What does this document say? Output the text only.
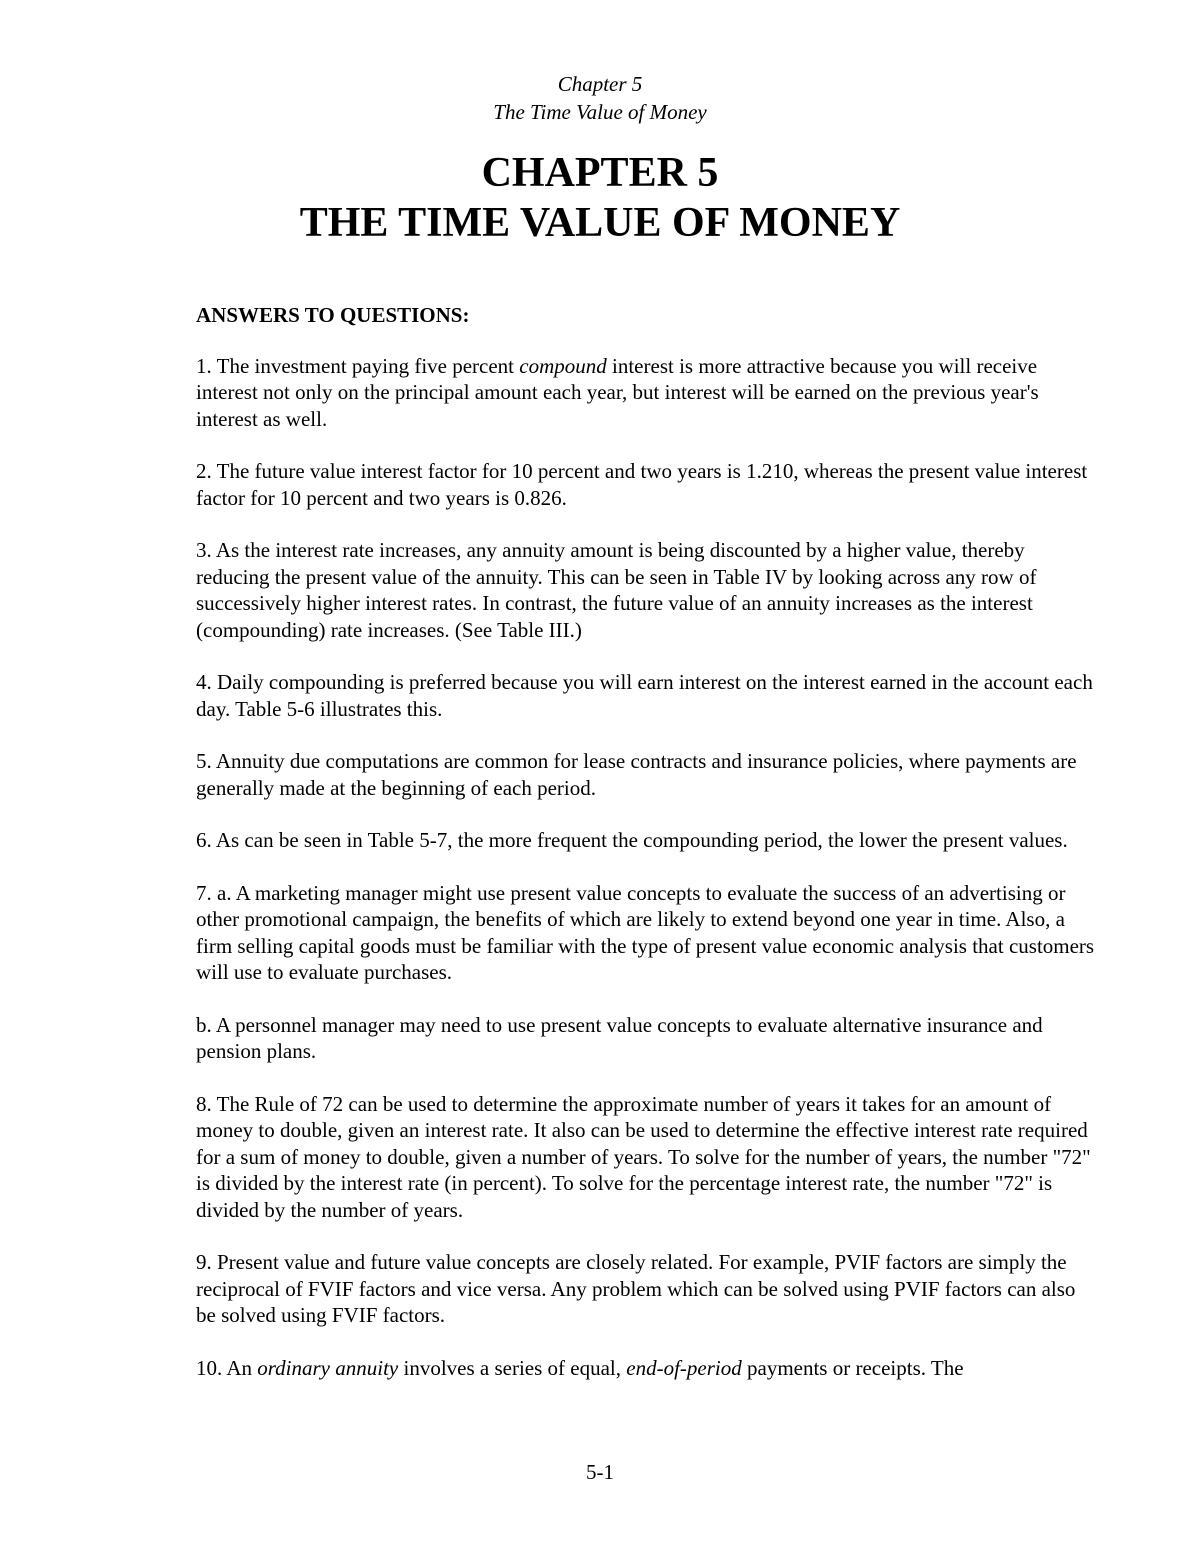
Chapter 5
The Time Value of Money
CHAPTER 5
THE TIME VALUE OF MONEY
ANSWERS TO QUESTIONS:

1. The investment paying five percent compound interest is more attractive because you will receive interest not only on the principal amount each year, but interest will be earned on the previous year's interest as well.

2. The future value interest factor for 10 percent and two years is 1.210, whereas the present value interest factor for 10 percent and two years is 0.826.

3. As the interest rate increases, any annuity amount is being discounted by a higher value, thereby reducing the present value of the annuity. This can be seen in Table IV by looking across any row of successively higher interest rates. In contrast, the future value of an annuity increases as the interest (compounding) rate increases. (See Table III.)

4. Daily compounding is preferred because you will earn interest on the interest earned in the account each day. Table 5-6 illustrates this.

5. Annuity due computations are common for lease contracts and insurance policies, where payments are generally made at the beginning of each period.

6. As can be seen in Table 5-7, the more frequent the compounding period, the lower the present values.

7. a. A marketing manager might use present value concepts to evaluate the success of an advertising or other promotional campaign, the benefits of which are likely to extend beyond one year in time. Also, a firm selling capital goods must be familiar with the type of present value economic analysis that customers will use to evaluate purchases.

b. A personnel manager may need to use present value concepts to evaluate alternative insurance and pension plans.

8. The Rule of 72 can be used to determine the approximate number of years it takes for an amount of money to double, given an interest rate. It also can be used to determine the effective interest rate required for a sum of money to double, given a number of years. To solve for the number of years, the number "72" is divided by the interest rate (in percent). To solve for the percentage interest rate, the number "72" is divided by the number of years.

9. Present value and future value concepts are closely related. For example, PVIF factors are simply the reciprocal of FVIF factors and vice versa. Any problem which can be solved using PVIF factors can also be solved using FVIF factors.

10. An ordinary annuity involves a series of equal, end-of-period payments or receipts. The

5-1
